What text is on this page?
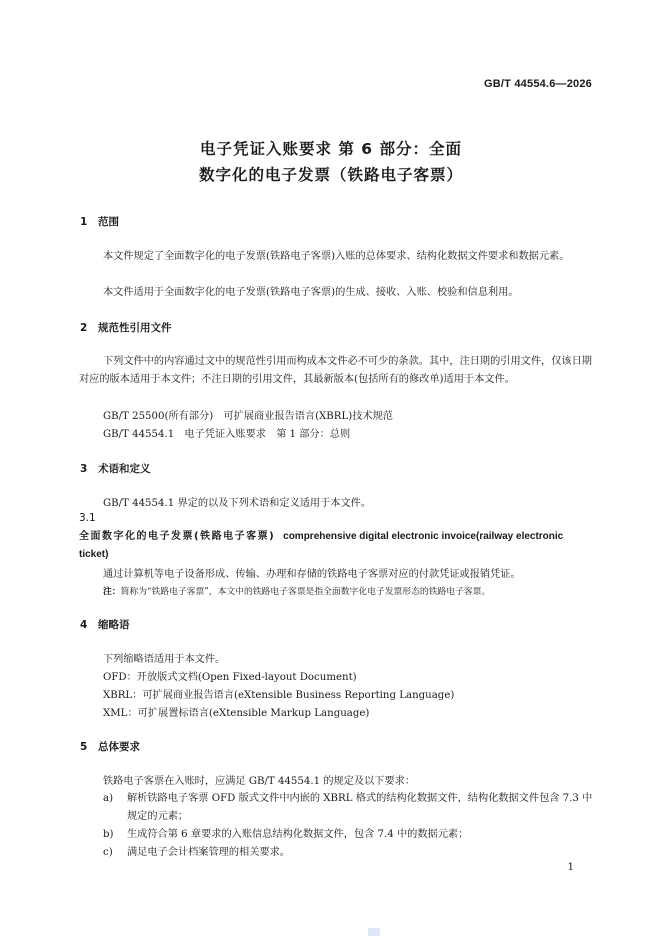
GB/T 44554.6—2026
电子凭证入账要求 第 6 部分：全面
数字化的电子发票（铁路电子客票）
1 范围
本文件规定了全面数字化的电子发票(铁路电子客票)入账的总体要求、结构化数据文件要求和数据元素。
本文件适用于全面数字化的电子发票(铁路电子客票)的生成、接收、入账、校验和信息利用。
2 规范性引用文件
下列文件中的内容通过文中的规范性引用而构成本文件必不可少的条款。其中，注日期的引用文件，仅该日期对应的版本适用于本文件；不注日期的引用文件，其最新版本(包括所有的修改单)适用于本文件。
GB/T 25500(所有部分)　可扩展商业报告语言(XBRL)技术规范
GB/T 44554.1　电子凭证入账要求　第 1 部分：总则
3 术语和定义
GB/T 44554.1 界定的以及下列术语和定义适用于本文件。
3.1
全面数字化的电子发票(铁路电子客票) comprehensive digital electronic invoice(railway electronic ticket)
通过计算机等电子设备形成、传输、办理和存储的铁路电子客票对应的付款凭证或报销凭证。
注：简称为“铁路电子客票”，本文中的铁路电子客票是指全面数字化电子发票形态的铁路电子客票。
4 缩略语
下列缩略语适用于本文件。
OFD：开放版式文档(Open Fixed-layout Document)
XBRL：可扩展商业报告语言(eXtensible Business Reporting Language)
XML：可扩展置标语言(eXtensible Markup Language)
5 总体要求
铁路电子客票在入账时，应满足 GB/T 44554.1 的规定及以下要求：
a) 解析铁路电子客票 OFD 版式文件中内嵌的 XBRL 格式的结构化数据文件，结构化数据文件包含 7.3 中规定的元素；
b) 生成符合第 6 章要求的入账信息结构化数据文件，包含 7.4 中的数据元素；
c) 满足电子会计档案管理的相关要求。
1
